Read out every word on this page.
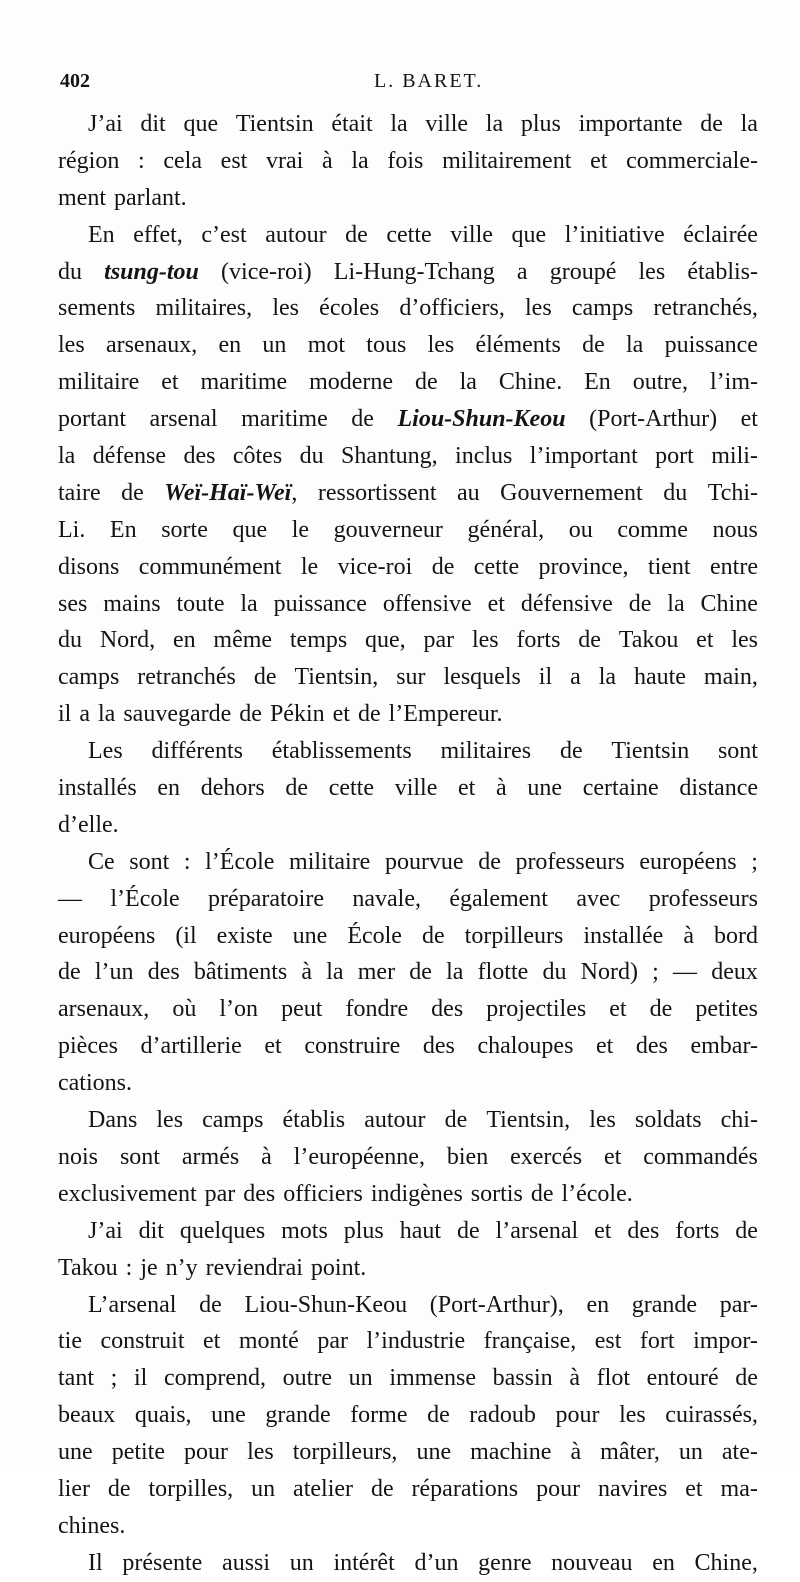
402	L. BARET.
J’ai dit que Tientsin était la ville la plus importante de la
région : cela est vrai à la fois militairement et commerciale-
ment parlant.
En effet, c’est autour de cette ville que l’initiative éclairée
du tsung-tou (vice-roi) Li-Hung-Tchang a groupé les établis-
sements militaires, les écoles d’officiers, les camps retranchés,
les arsenaux, en un mot tous les éléments de la puissance
militaire et maritime moderne de la Chine. En outre, l’im-
portant arsenal maritime de Liou-Shun-Keou (Port-Arthur) et
la défense des côtes du Shantung, inclus l’important port mili-
taire de Weï-Haï-Weï, ressortissent au Gouvernement du Tchi-
Li. En sorte que le gouverneur général, ou comme nous
disons communément le vice-roi de cette province, tient entre
ses mains toute la puissance offensive et défensive de la Chine
du Nord, en même temps que, par les forts de Takou et les
camps retranchés de Tientsin, sur lesquels il a la haute main,
il a la sauvegarde de Pékin et de l’Empereur.
Les différents établissements militaires de Tientsin sont
installés en dehors de cette ville et à une certaine distance
d’elle.
Ce sont : l’École militaire pourvue de professeurs européens ;
— l’École préparatoire navale, également avec professeurs
européens (il existe une École de torpilleurs installée à bord
de l’un des bâtiments à la mer de la flotte du Nord) ; — deux
arsenaux, où l’on peut fondre des projectiles et de petites
pièces d’artillerie et construire des chaloupes et des embar-
cations.
Dans les camps établis autour de Tientsin, les soldats chi-
nois sont armés à l’européenne, bien exercés et commandés
exclusivement par des officiers indigènes sortis de l’école.
J’ai dit quelques mots plus haut de l’arsenal et des forts de
Takou : je n’y reviendrai point.
L’arsenal de Liou-Shun-Keou (Port-Arthur), en grande par-
tie construit et monté par l’industrie française, est fort impor-
tant ; il comprend, outre un immense bassin à flot entouré de
beaux quais, une grande forme de radoub pour les cuirassés,
une petite pour les torpilleurs, une machine à mâter, un ate-
lier de torpilles, un atelier de réparations pour navires et ma-
chines.
Il présente aussi un intérêt d’un genre nouveau en Chine,
